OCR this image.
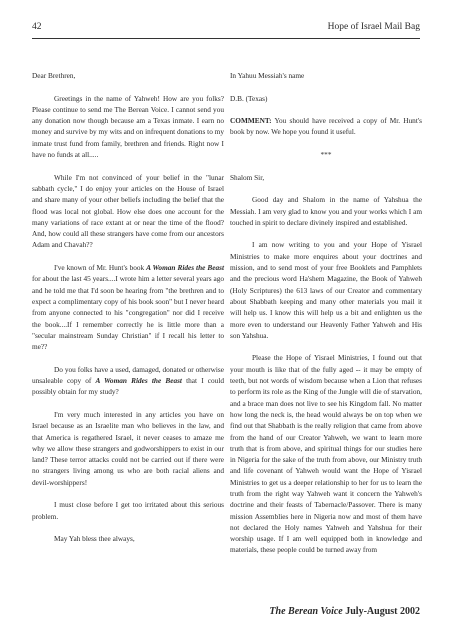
42	Hope of Israel Mail Bag

Dear Brethren,

Greetings in the name of Yahweh! How are you folks? Please continue to send me The Berean Voice. I cannot send you any donation now though because am a Texas inmate. I earn no money and survive by my wits and on infrequent donations to my inmate trust fund from family, brethren and friends. Right now I have no funds at all.....

While I'm not convinced of your belief in the "lunar sabbath cycle," I do enjoy your articles on the House of Israel and share many of your other beliefs including the belief that the flood was local not global. How else does one account for the many variations of race extant at or near the time of the flood? And, how could all these strangers have come from our ancestors Adam and Chavah??

I've known of Mr. Hunt's book A Woman Rides the Beast for about the last 45 years....I wrote him a letter several years ago and he told me that I'd soon be hearing from "the brethren and to expect a complimentary copy of his book soon" but I never heard from anyone connected to his "congregation" nor did I receive the book....If I remember correctly he is little more than a "secular mainstream Sunday Christian" if I recall his letter to me??

Do you folks have a used, damaged, donated or otherwise unsaleable copy of A Woman Rides the Beast that I could possibly obtain for my study?

I'm very much interested in any articles you have on Israel because as an Israelite man who believes in the law, and that America is regathered Israel, it never ceases to amaze me why we allow these strangers and godworshippers to exist in our land? These terror attacks could not be carried out if there were no strangers living among us who are both racial aliens and devil-worshippers!

I must close before I get too irritated about this serious problem.

May Yah bless thee always,

In Yahuu Messiah's name

D.B. (Texas)

COMMENT: You should have received a copy of Mr. Hunt's book by now. We hope you found it useful.

***

Shalom Sir,

Good day and Shalom in the name of Yahshua the Messiah. I am very glad to know you and your works which I am touched in spirit to declare divinely inspired and established.

I am now writing to you and your Hope of Yisrael Ministries to make more enquires about your doctrines and mission, and to send most of your free Booklets and Pamphlets and the precious word Ha'shem Magazine, the Book of Yahweh (Holy Scriptures) the 613 laws of our Creator and commentary about Shabbath keeping and many other materials you mail it will help us. I know this will help us a bit and enlighten us the more even to understand our Heavenly Father Yahweh and His son Yahshua.

Please the Hope of Yisrael Ministries, I found out that your mouth is like that of the fully aged -- it may be empty of teeth, but not words of wisdom because when a Lion that refuses to perform its role as the King of the Jungle will die of starvation, and a brace man does not live to see his Kingdom fall. No matter how long the neck is, the head would always be on top when we find out that Shabbath is the really religion that came from above from the hand of our Creator Yahweh, we want to learn more truth that is from above, and spiritual things for our studies here in Nigeria for the sake of the truth from above, our Ministry truth and life covenant of Yahweh would want the Hope of Yisrael Ministries to get us a deeper relationship to her for us to learn the truth from the right way Yahweh want it concern the Yahweh's doctrine and their feasts of Tabernacle/Passover. There is many mission Assemblies here in Nigeria now and most of them have not declared the Holy names Yahweh and Yahshua for their worship usage. If I am well equipped both in knowledge and materials, these people could be turned away from

The Berean Voice July-August 2002
